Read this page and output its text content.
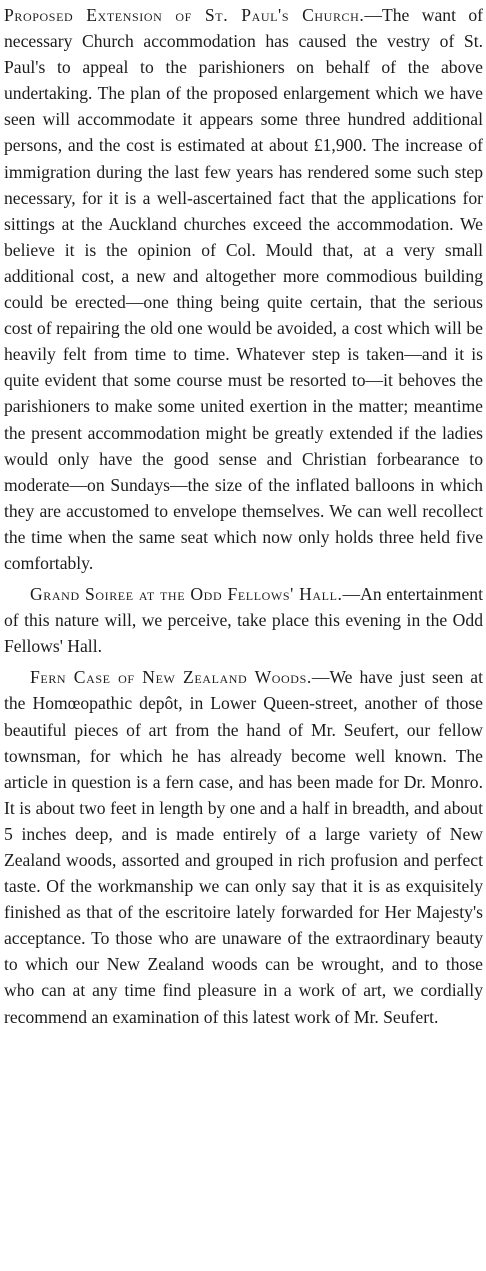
Proposed Extension of St. Paul's Church.—The want of necessary Church accommodation has caused the vestry of St. Paul's to appeal to the parishioners on behalf of the above undertaking. The plan of the proposed enlargement which we have seen will accommodate it appears some three hundred additional persons, and the cost is estimated at about £1,900. The increase of immigration during the last few years has rendered some such step necessary, for it is a well-ascertained fact that the applications for sittings at the Auckland churches exceed the accommodation. We believe it is the opinion of Col. Mould that, at a very small additional cost, a new and altogether more commodious building could be erected—one thing being quite certain, that the serious cost of repairing the old one would be avoided, a cost which will be heavily felt from time to time. Whatever step is taken—and it is quite evident that some course must be resorted to—it behoves the parishioners to make some united exertion in the matter; meantime the present accommodation might be greatly extended if the ladies would only have the good sense and Christian forbearance to moderate—on Sundays—the size of the inflated balloons in which they are accustomed to envelope themselves. We can well recollect the time when the same seat which now only holds three held five comfortably.

Grand Soiree at the Odd Fellows' Hall.—An entertainment of this nature will, we perceive, take place this evening in the Odd Fellows' Hall.

Fern Case of New Zealand Woods.—We have just seen at the Homœopathic depôt, in Lower Queen-street, another of those beautiful pieces of art from the hand of Mr. Seufert, our fellow townsman, for which he has already become well known. The article in question is a fern case, and has been made for Dr. Monro. It is about two feet in length by one and a half in breadth, and about 5 inches deep, and is made entirely of a large variety of New Zealand woods, assorted and grouped in rich profusion and perfect taste. Of the workmanship we can only say that it is as exquisitely finished as that of the escritoire lately forwarded for Her Majesty's acceptance. To those who are unaware of the extraordinary beauty to which our New Zealand woods can be wrought, and to those who can at any time find pleasure in a work of art, we cordially recommend an examination of this latest work of Mr. Seufert.
